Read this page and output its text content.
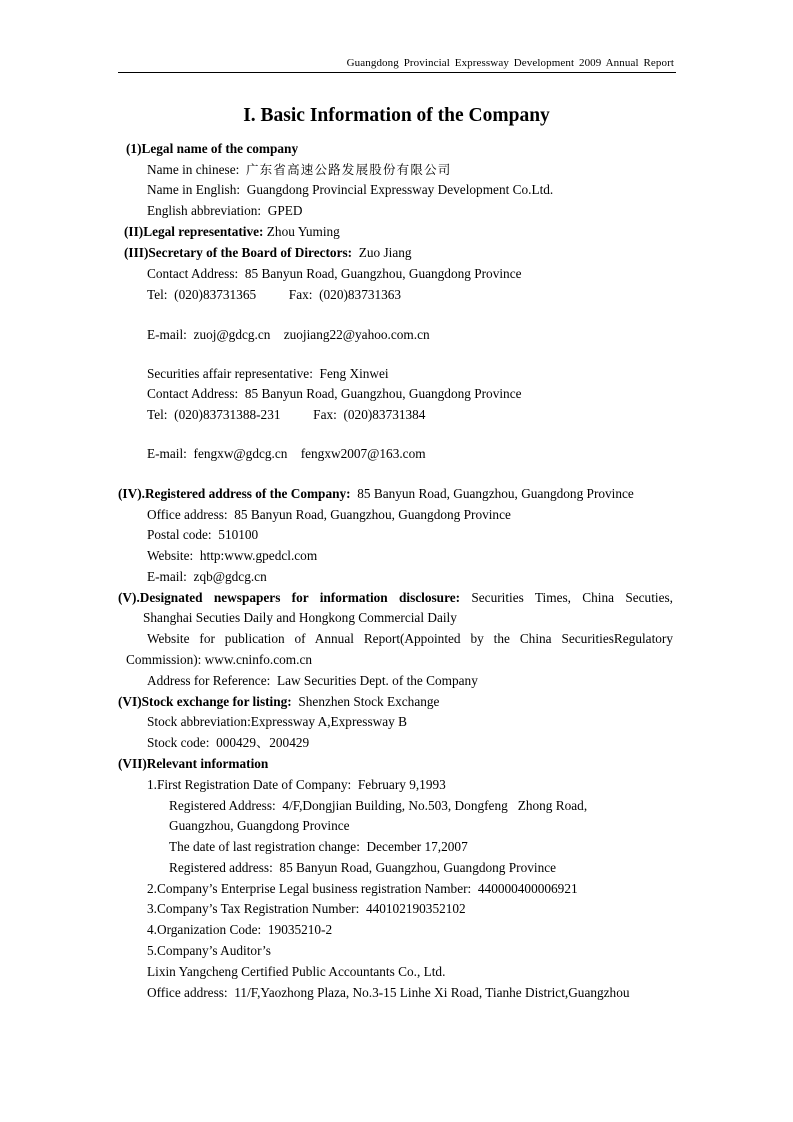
Guangdong Provincial Expressway Development 2009 Annual Report
I. Basic Information of the Company
(1)Legal name of the company
Name in chinese: 广东省高速公路发展股份有限公司
Name in English: Guangdong Provincial Expressway Development Co.Ltd.
English abbreviation: GPED
(II)Legal representative: Zhou Yuming
(III)Secretary of the Board of Directors: Zuo Jiang
Contact Address: 85 Banyun Road, Guangzhou, Guangdong Province
Tel: (020)83731365 Fax: (020)83731363
E-mail: zuoj@gdcg.cn    zuojiang22@yahoo.com.cn
Securities affair representative: Feng Xinwei
Contact Address: 85 Banyun Road, Guangzhou, Guangdong Province
Tel: (020)83731388-231 Fax: (020)83731384
E-mail: fengxw@gdcg.cn    fengxw2007@163.com
(IV).Registered address of the Company: 85 Banyun Road, Guangzhou, Guangdong Province
Office address: 85 Banyun Road, Guangzhou, Guangdong Province
Postal code: 510100
Website: http:www.gpedcl.com
E-mail: zqb@gdcg.cn
(V).Designated newspapers for information disclosure: Securities Times, China Secuties,
Shanghai Secuties Daily and Hongkong Commercial Daily
Website for publication of Annual Report(Appointed by the China SecuritiesRegulatory
Commission): www.cninfo.com.cn
Address for Reference: Law Securities Dept. of the Company
(VI)Stock exchange for listing: Shenzhen Stock Exchange
Stock abbreviation:Expressway A,Expressway B
Stock code: 000429、200429
(VII)Relevant information
1.First Registration Date of Company: February 9,1993
Registered Address: 4/F,Dongjian Building, No.503, Dongfeng   Zhong Road,
Guangzhou, Guangdong Province
The date of last registration change: December 17,2007
Registered address: 85 Banyun Road, Guangzhou, Guangdong Province
2.Company’s Enterprise Legal business registration Namber: 440000400006921
3.Company’s Tax Registration Number: 440102190352102
4.Organization Code: 19035210-2
5.Company’s Auditor’s
Lixin Yangcheng Certified Public Accountants Co., Ltd.
Office address: 11/F,Yaozhong Plaza, No.3-15 Linhe Xi Road, Tianhe District,Guangzhou
